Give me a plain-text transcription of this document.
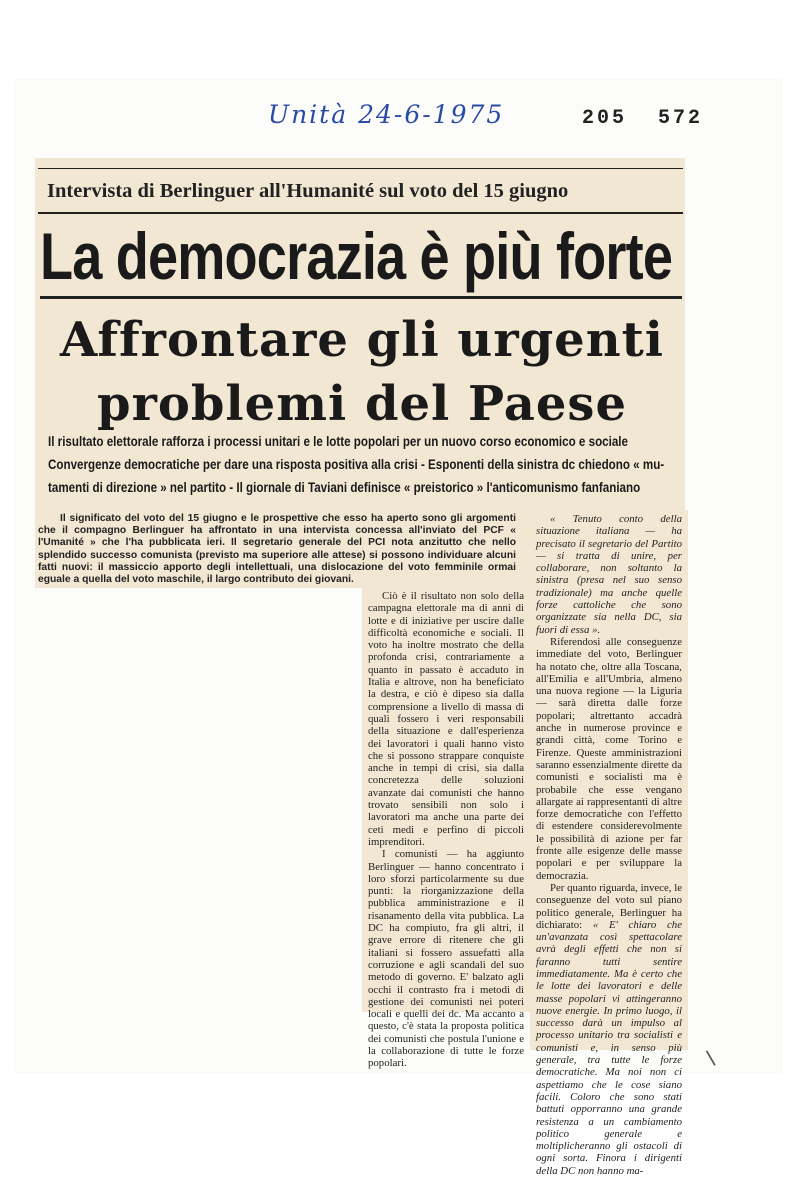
Unità 24-6-1975	205 572
Intervista di Berlinguer all'Humanité sul voto del 15 giugno
La democrazia è più forte
Affrontare gli urgenti
problemi del Paese
Il risultato elettorale rafforza i processi unitari e le lotte popolari per un nuovo corso economico e sociale
Convergenze democratiche per dare una risposta positiva alla crisi - Esponenti della sinistra dc chiedono « mu-
tamenti di direzione » nel partito - Il giornale di Taviani definisce « preistorico » l'anticomunismo fanfaniano
Il significato del voto del 15 giugno e le prospettive che esso ha aperto sono gli argomenti che il compagno Berlinguer ha affrontato in una intervista concessa all'inviato del PCF « l'Umanité » che l'ha pubblicata ieri. Il segretario generale del PCI nota anzitutto che nello splendido successo comunista (previsto ma superiore alle attese) si possono individuare alcuni fatti nuovi: il massiccio apporto degli intellettuali, una dislocazione del voto femminile ormai eguale a quella del voto maschile, il largo contributo dei giovani.

Ciò è il risultato non solo della campagna elettorale ma di anni di lotte e di iniziative per uscire dalle difficoltà economiche e sociali. Il voto ha inoltre mostrato che della profonda crisi, contrariamente a quanto in passato è accaduto in Italia e altrove, non ha beneficiato la destra, e ciò è dipeso sia dalla comprensione a livello di massa di quali fossero i veri responsabili della situazione e dall'esperienza dei lavoratori i quali hanno visto che si possono strappare conquiste anche in tempi di crisi, sia dalla concretezza delle soluzioni avanzate dai comunisti che hanno trovato sensibili non solo i lavoratori ma anche una parte dei ceti medi e perfino di piccoli imprenditori.

I comunisti — ha aggiunto Berlinguer — hanno concentrato i loro sforzi particolarmente su due punti: la riorganizzazione della pubblica amministrazione e il risanamento della vita pubblica. La DC ha compiuto, fra gli altri, il grave errore di ritenere che gli italiani si fossero assuefatti alla corruzione e agli scandali del suo metodo di governo. E' balzato agli occhi il contrasto fra i metodi di gestione dei comunisti nei poteri locali e quelli dei dc. Ma accanto a questo, c'è stata la proposta politica dei comunisti che postula l'unione e la collaborazione di tutte le forze popolari.

« Tenuto conto della situazione italiana — ha precisato il segretario del Partito — si tratta di unire, per collaborare, non soltanto la sinistra (presa nel suo senso tradizionale) ma anche quelle forze cattoliche che sono organizzate sia nella DC, sia fuori di essa ».

Riferendosi alle conseguenze immediate del voto, Berlinguer ha notato che, oltre alla Toscana, all'Emilia e all'Umbria, almeno una nuova regione — la Liguria — sarà diretta dalle forze popolari; altrettanto accadrà anche in numerose province e grandi città, come Torino e Firenze. Queste amministrazioni saranno essenzialmente dirette da comunisti e socialisti ma è probabile che esse vengano allargate ai rappresentanti di altre forze democratiche con l'effetto di estendere considerevolmente le possibilità di azione per far fronte alle esigenze delle masse popolari e per sviluppare la democrazia.

Per quanto riguarda, invece, le conseguenze del voto sul piano politico generale, Berlinguer ha dichiarato: « E' chiaro che un'avanzata così spettacolare avrà degli effetti che non si faranno tutti sentire immediatamente. Ma è certo che le lotte dei lavoratori e delle masse popolari vi attingeranno nuove energie. In primo luogo, il successo darà un impulso al processo unitario tra socialisti e comunisti e, in senso più generale, tra tutte le forze democratiche. Ma noi non ci aspettiamo che le cose siano facili. Coloro che sono stati battuti opporranno una grande resistenza a un cambiamento politico generale e moltiplicheranno gli ostacoli di ogni sorta. Finora i dirigenti della DC non hanno ma-

\
